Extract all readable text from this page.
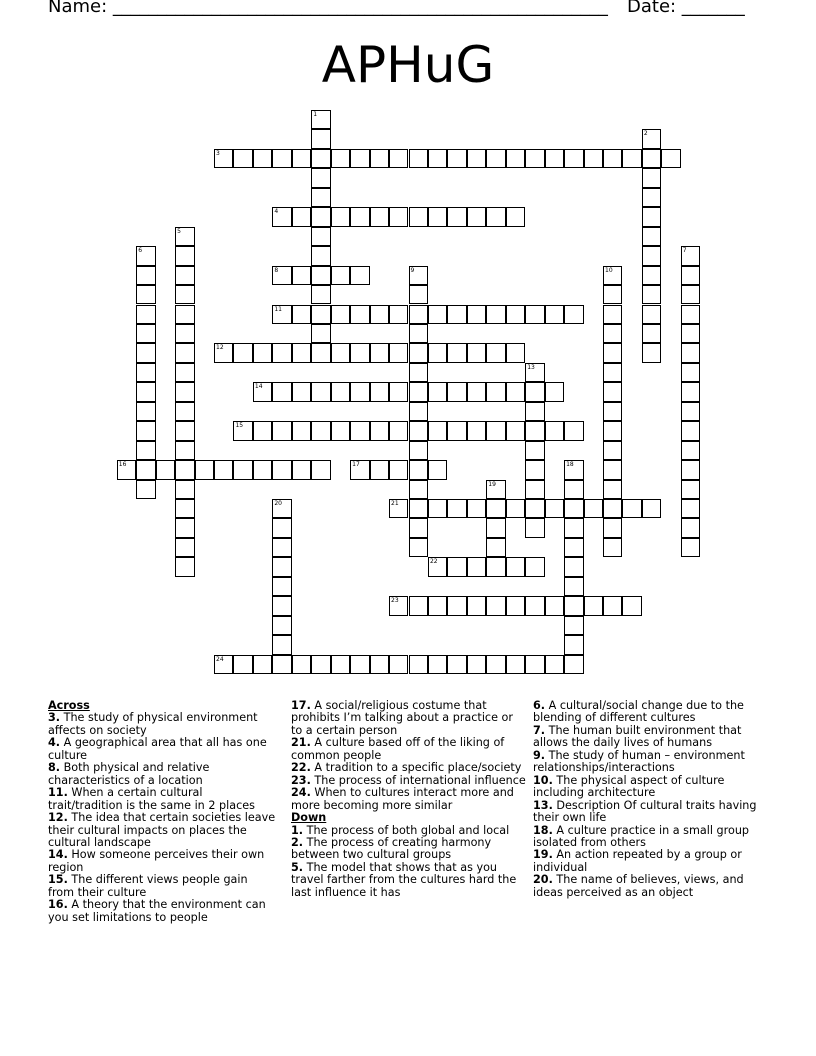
Name: _______________________________________________________ Date: _______
APHuG
3
4
8
11
12
14
15
16	17
21
22
23
24
1
2
5
6	7
9	10
13
18
19
20
Across
3. The study of physical environment affects on society
4. A geographical area that all has one culture
8. Both physical and relative characteristics of a location
11. When a certain cultural trait/tradition is the same in 2 places
12. The idea that certain societies leave their cultural impacts on places the cultural landscape
14. How someone perceives their own region
15. The different views people gain from their culture
16. A theory that the environment can you set limitations to people
17. A social/religious costume that prohibits I’m talking about a practice or to a certain person
21. A culture based off of the liking of common people
22. A tradition to a specific place/society
23. The process of international influence
24. When to cultures interact more and more becoming more similar
Down
1. The process of both global and local
2. The process of creating harmony between two cultural groups
5. The model that shows that as you travel farther from the cultures hard the last influence it has
6. A cultural/social change due to the blending of different cultures
7. The human built environment that allows the daily lives of humans
9. The study of human – environment relationships/interactions
10. The physical aspect of culture including architecture
13. Description Of cultural traits having their own life
18. A culture practice in a small group isolated from others
19. An action repeated by a group or individual
20. The name of believes, views, and ideas perceived as an object
